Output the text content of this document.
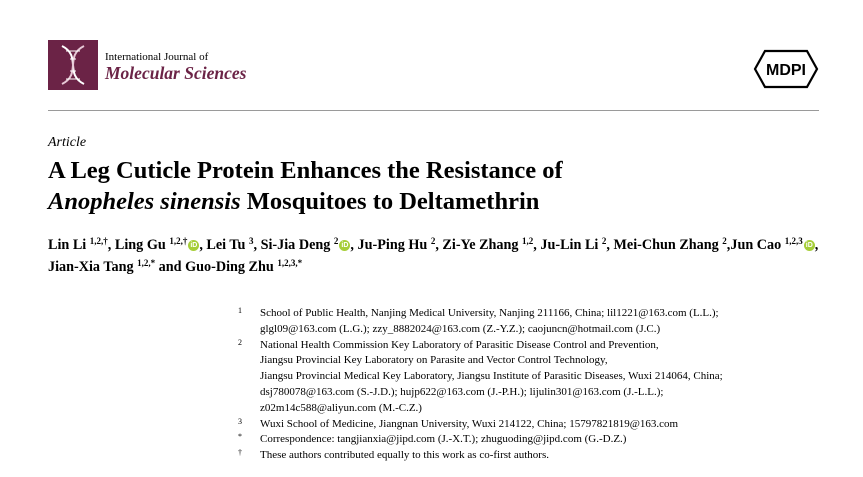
International Journal of
Molecular Sciences	MDPI
Article
A Leg Cuticle Protein Enhances the Resistance of
Anopheles sinensis Mosquitoes to Deltamethrin
Lin Li $^{1,2,\dagger}$, Ling Gu $^{1,2,\dagger}$ iD , Lei Tu $^3$, Si-Jia Deng $^2$ iD , Ju-Ping Hu $^2$, Zi-Ye Zhang $^{1,2}$, Ju-Lin Li $^2$, Mei-Chun Zhang $^2$,Jun Cao $^{1,2,3}$ iD , Jian-Xia Tang $^{1,2,*}$ and Guo-Ding Zhu $^{1,2,3,*}$
1 School of Public Health, Nanjing Medical University, Nanjing 211166, China; lil1221@163.com (L.L.);
glgl09@163.com (L.G.); zzy_8882024@163.com (Z.-Y.Z.); caojuncn@hotmail.com (J.C.)
2 National Health Commission Key Laboratory of Parasitic Disease Control and Prevention,
Jiangsu Provincial Key Laboratory on Parasite and Vector Control Technology,
Jiangsu Provincial Medical Key Laboratory, Jiangsu Institute of Parasitic Diseases, Wuxi 214064, China;
dsj780078@163.com (S.-J.D.); hujp622@163.com (J.-P.H.); lijulin301@163.com (J.-L.L.);
z02m14c588@aliyun.com (M.-C.Z.)
3 Wuxi School of Medicine, Jiangnan University, Wuxi 214122, China; 15797821819@163.com
* Correspondence: tangjianxia@jipd.com (J.-X.T.); zhuguoding@jipd.com (G.-D.Z.)
† These authors contributed equally to this work as co-first authors.
